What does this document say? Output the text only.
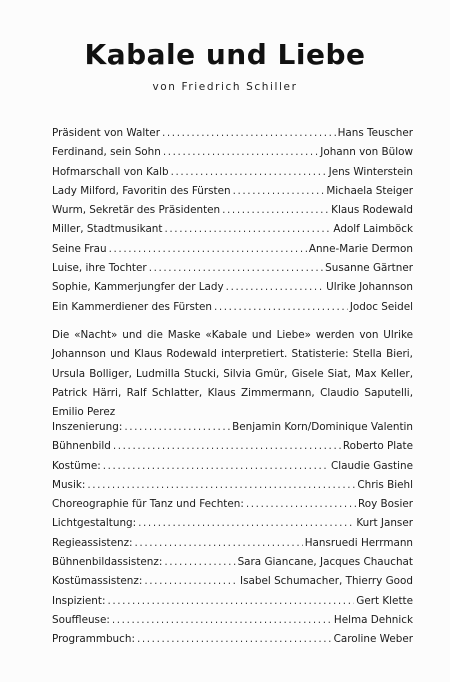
Kabale und Liebe
von Friedrich Schiller
Präsident von Walter .....	Hans Teuscher
Ferdinand, sein Sohn .....	Johann von Bülow
Hofmarschall von Kalb .....	Jens Winterstein
Lady Milford, Favoritin des Fürsten .....	Michaela Steiger
Wurm, Sekretär des Präsidenten .....	Klaus Rodewald
Miller, Stadtmusikant .....	Adolf Laimböck
Seine Frau .....	Anne-Marie Dermon
Luise, ihre Tochter .....	Susanne Gärtner
Sophie, Kammerjungfer der Lady .....	Ulrike Johannson
Ein Kammerdiener des Fürsten .....	Jodoc Seidel
Die «Nacht» und die Maske «Kabale und Liebe» werden von Ulrike Johannson und Klaus Rodewald interpretiert. Statisterie: Stella Bieri, Ursula Bolliger, Ludmilla Stucki, Silvia Gmür, Gisele Siat, Max Keller, Patrick Härri, Ralf Schlatter, Klaus Zimmermann, Claudio Saputelli, Emilio Perez
Inszenierung: .....	Benjamin Korn/Dominique Valentin
Bühnenbild .....	Roberto Plate
Kostüme: .....	Claudie Gastine
Musik: .....	Chris Biehl
Choreographie für Tanz und Fechten: .....	Roy Bosier
Lichtgestaltung: .....	Kurt Janser
Regieassistenz: .....	Hansruedi Herrmann
Bühnenbildassistenz: .....	Sara Giancane, Jacques Chauchat
Kostümassistenz: .....	Isabel Schumacher, Thierry Good
Inspizient: .....	Gert Klette
Souffleuse: .....	Helma Dehnick
Programmbuch: .....	Caroline Weber
